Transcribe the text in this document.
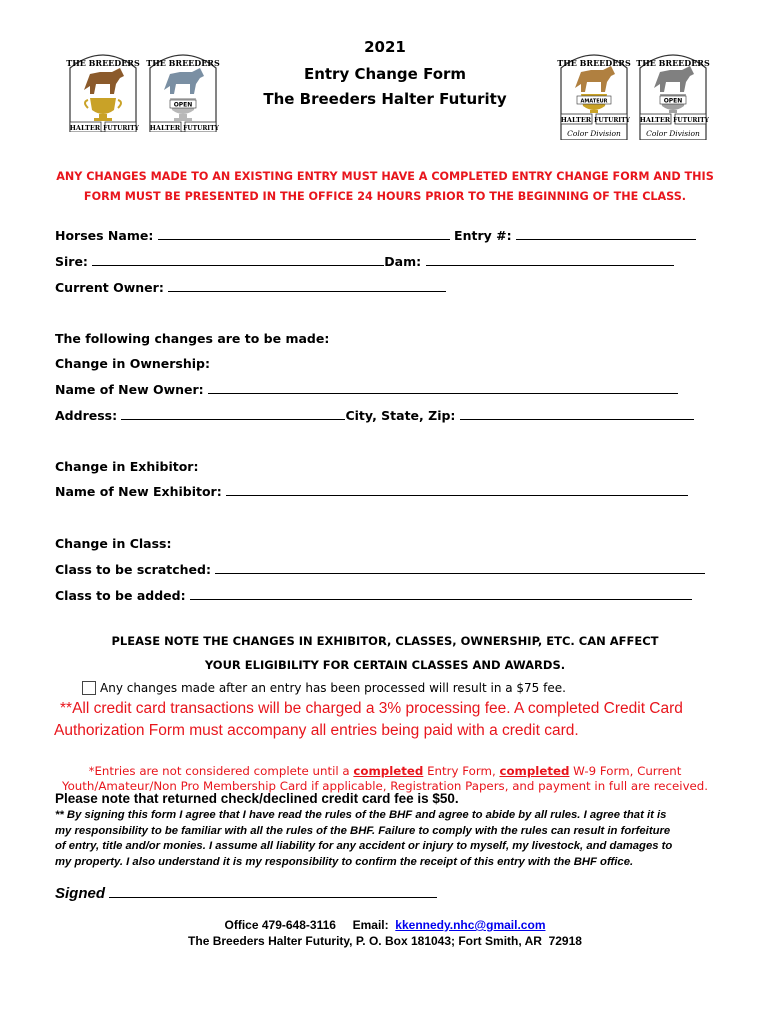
THE BREEDERS
HALTER FUTURITY
THE BREEDERS
OPEN
HALTER FUTURITY
THE BREEDERS
AMATEUR
HALTER FUTURITY
Color Division
THE BREEDERS
OPEN
HALTER FUTURITY
Color Division
2021
Entry Change Form
The Breeders Halter Futurity
ANY CHANGES MADE TO AN EXISTING ENTRY MUST HAVE A COMPLETED ENTRY CHANGE FORM AND THIS
FORM MUST BE PRESENTED IN THE OFFICE 24 HOURS PRIOR TO THE BEGINNING OF THE CLASS.
Horses Name:	Entry #:
Sire:	Dam:
Current Owner:
The following changes are to be made:
Change in Ownership:
Name of New Owner:
Address:	City, State, Zip:
Change in Exhibitor:
Name of New Exhibitor:
Change in Class:
Class to be scratched:
Class to be added:
PLEASE NOTE THE CHANGES IN EXHIBITOR, CLASSES, OWNERSHIP, ETC. CAN AFFECT
YOUR ELIGIBILITY FOR CERTAIN CLASSES AND AWARDS.
Any changes made after an entry has been processed will result in a $75 fee.
**All credit card transactions will be charged a 3% processing fee. A completed Credit Card
Authorization Form must accompany all entries being paid with a credit card.
*Entries are not considered complete until a completed Entry Form, completed W-9 Form, Current
Youth/Amateur/Non Pro Membership Card if applicable, Registration Papers, and payment in full are received.
Please note that returned check/declined credit card fee is $50.
** By signing this form I agree that I have read the rules of the BHF and agree to abide by all rules. I agree that it is
my responsibility to be familiar with all the rules of the BHF. Failure to comply with the rules can result in forfeiture
of entry, title and/or monies. I assume all liability for any accident or injury to myself, my livestock, and damages to
my property. I also understand it is my responsibility to confirm the receipt of this entry with the BHF office.
Signed
Office 479-648-3116 Email: kkennedy.nhc@gmail.com
The Breeders Halter Futurity, P. O. Box 181043; Fort Smith, AR  72918
